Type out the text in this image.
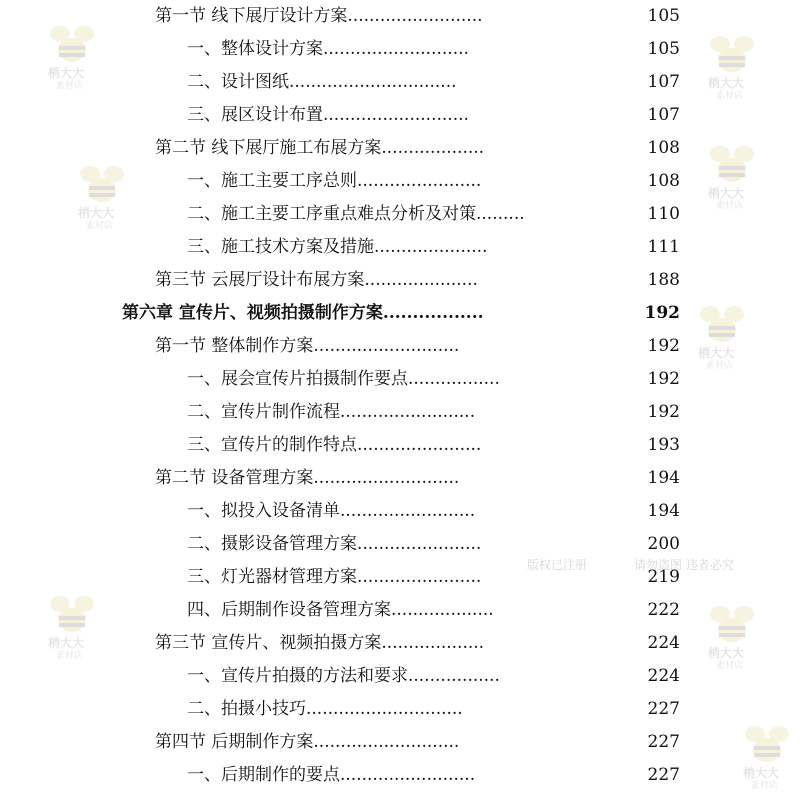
第一节 线下展厅设计方案.........................	105
一、整体设计方案...........................	105
二、设计图纸...............................	107
三、展区设计布置...........................	107
第二节 线下展厅施工布展方案...................	108
一、施工主要工序总则.......................	108
二、施工主要工序重点难点分析及对策.........	110
三、施工技术方案及措施.....................	111
第三节 云展厅设计布展方案.....................	188
第六章 宣传片、视频拍摄制作方案.................	192
第一节 整体制作方案...........................	192
一、展会宣传片拍摄制作要点.................	192
二、宣传片制作流程.........................	192
三、宣传片的制作特点.......................	193
第二节 设备管理方案...........................	194
一、拟投入设备清单.........................	194
二、摄影设备管理方案.......................	200
三、灯光器材管理方案.......................	219
四、后期制作设备管理方案...................	222
第三节 宣传片、视频拍摄方案...................	224
一、宣传片拍摄的方法和要求.................	224
二、拍摄小技巧.............................	227
第四节 后期制作方案...........................	227
一、后期制作的要点.........................	227
梢大大
素材店	梢大大
素材店
梢大大
素材店
梢大大
素材店
梢大大
素材店
梢大大
素材店	梢大大
素材店
梢大大
素材店
版权已注册	请勿盗图 违者必究
